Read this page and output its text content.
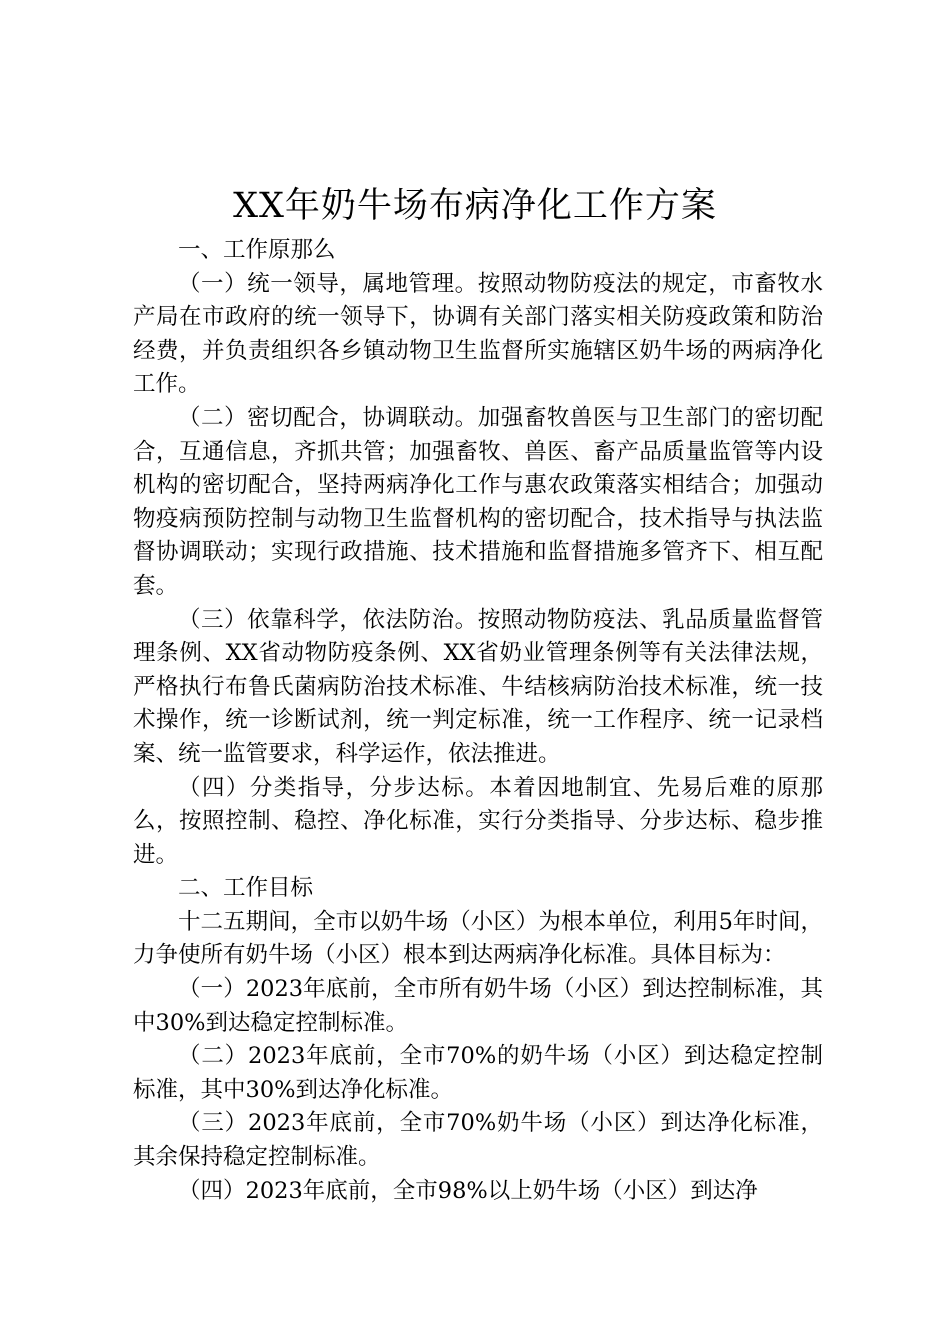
XX年奶牛场布病净化工作方案

一、工作原那么

（一）统一领导，属地管理。按照动物防疫法的规定，市畜牧水产局在市政府的统一领导下，协调有关部门落实相关防疫政策和防治经费，并负责组织各乡镇动物卫生监督所实施辖区奶牛场的两病净化工作。

（二）密切配合，协调联动。加强畜牧兽医与卫生部门的密切配合，互通信息，齐抓共管；加强畜牧、兽医、畜产品质量监管等内设机构的密切配合，坚持两病净化工作与惠农政策落实相结合；加强动物疫病预防控制与动物卫生监督机构的密切配合，技术指导与执法监督协调联动；实现行政措施、技术措施和监督措施多管齐下、相互配套。

（三）依靠科学，依法防治。按照动物防疫法、乳品质量监督管理条例、XX省动物防疫条例、XX省奶业管理条例等有关法律法规，严格执行布鲁氏菌病防治技术标准、牛结核病防治技术标准，统一技术操作，统一诊断试剂，统一判定标准，统一工作程序、统一记录档案、统一监管要求，科学运作，依法推进。

（四）分类指导，分步达标。本着因地制宜、先易后难的原那么，按照控制、稳控、净化标准，实行分类指导、分步达标、稳步推进。

二、工作目标

十二五期间，全市以奶牛场（小区）为根本单位，利用5年时间，力争使所有奶牛场（小区）根本到达两病净化标准。具体目标为：

（一）2023年底前，全市所有奶牛场（小区）到达控制标准，其中30%到达稳定控制标准。

（二）2023年底前，全市70%的奶牛场（小区）到达稳定控制标准，其中30%到达净化标准。

（三）2023年底前，全市70%奶牛场（小区）到达净化标准，其余保持稳定控制标准。

（四）2023年底前，全市98%以上奶牛场（小区）到达净
